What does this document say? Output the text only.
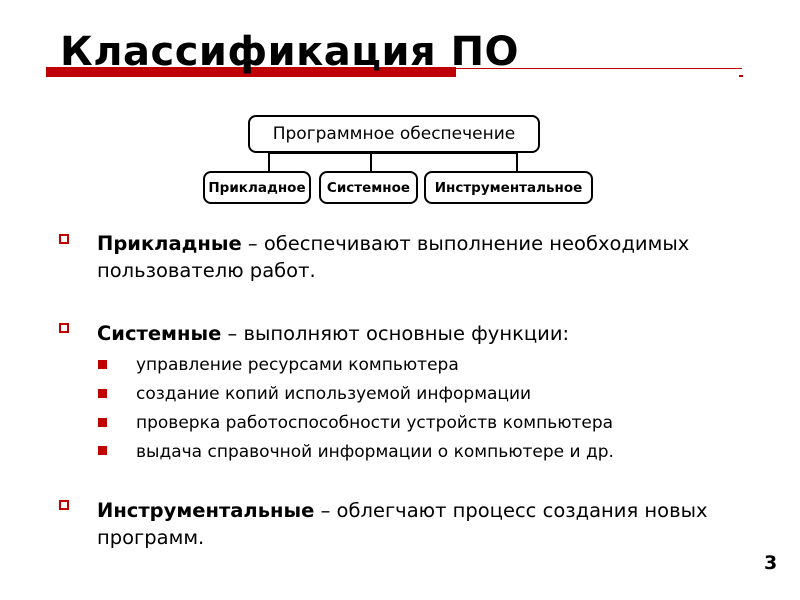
Классификация ПО
Программное обеспечение
Прикладное	Системное	Инструментальное
Прикладные – обеспечивают выполнение необходимых пользователю работ.
Системные – выполняют основные функции:
управление ресурсами компьютера
создание копий используемой информации
проверка работоспособности устройств компьютера
выдача справочной информации о компьютере и др.
Инструментальные – облегчают процесс создания новых программ.
3
